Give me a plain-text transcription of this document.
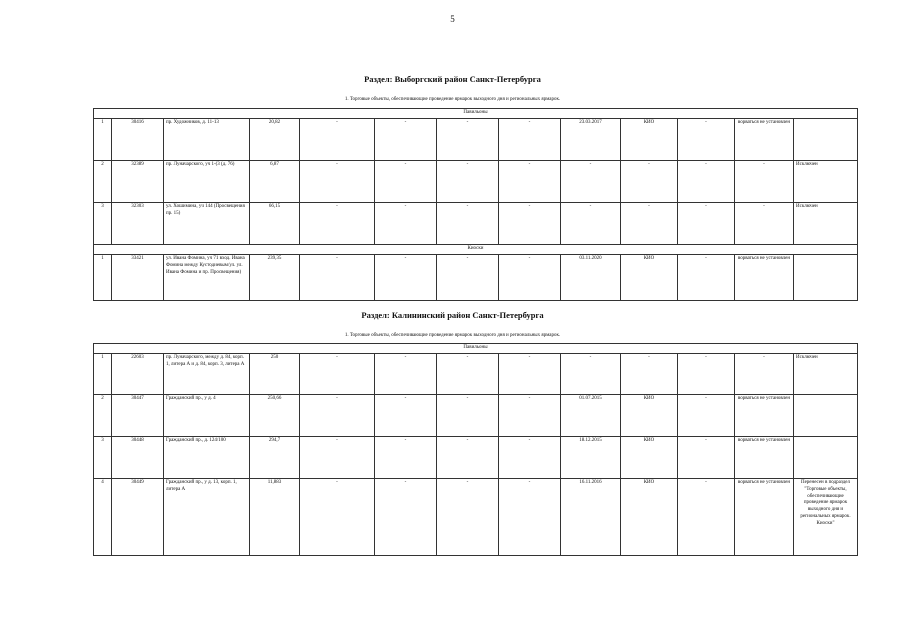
5
Раздел: Выборгский район Санкт-Петербурга
1. Торговые объекты, обеспечивающие проведение ярмарок выходного дня и региональных ярмарок.
Павильоны												
1	30416	пр. Художников, д. 11-13	20,82	-	-	-	-	23.03.2017	КИО	-	ворваться не установлен	
2	32389	пр. Луначарского, уч 1-(3 (д. 76)	6,87	-	-	-	-	-	-	-	-	Исключен
3	32303	ул. Хошимина, уч 144 (Просвещения пр. 15)	66,15	-	-	-	-	-	-	-	-	Исключен
Киоски												
1	33421	ул. Ивана Фомина, уч 71 вход. Ивана Фомина между Кустодиевым/ул. ул. Ивана Фомина и пр. Просвещения)	239,35	-	-	-	-	03.11.2020	КИО	-	ворваться не установлен	
Раздел: Калининский район Санкт-Петербурга
1. Торговые объекты, обеспечивающие проведение ярмарок выходного дня и региональных ярмарок.
Павильоны												
1	22603	пр. Луначарского, между д. 84, корп. 1, литера А и д. 84, корп. 3, литера А	250	-	-	-	-	-	-	-	-	Исключен
2	30447	Гражданский пр., у д. 4	250,66	-	-	-	-	01.07.2015	КИО	-	ворваться не установлен	
3	30448	Гражданский пр., д. 124/100	294,7	-	-	-	-	18.12.2015	КИО	-	ворваться не установлен	
4	30449	Гражданский пр., у д. 13, корп. 1, литера А	11,883	-	-	-	-	16.11.2016	КИО	-	ворваться не установлен	Перенесен в подраздел "Торговые объекты, обеспечивающие проведение ярмарок выходного дня и региональных ярмарок. Киоски"
